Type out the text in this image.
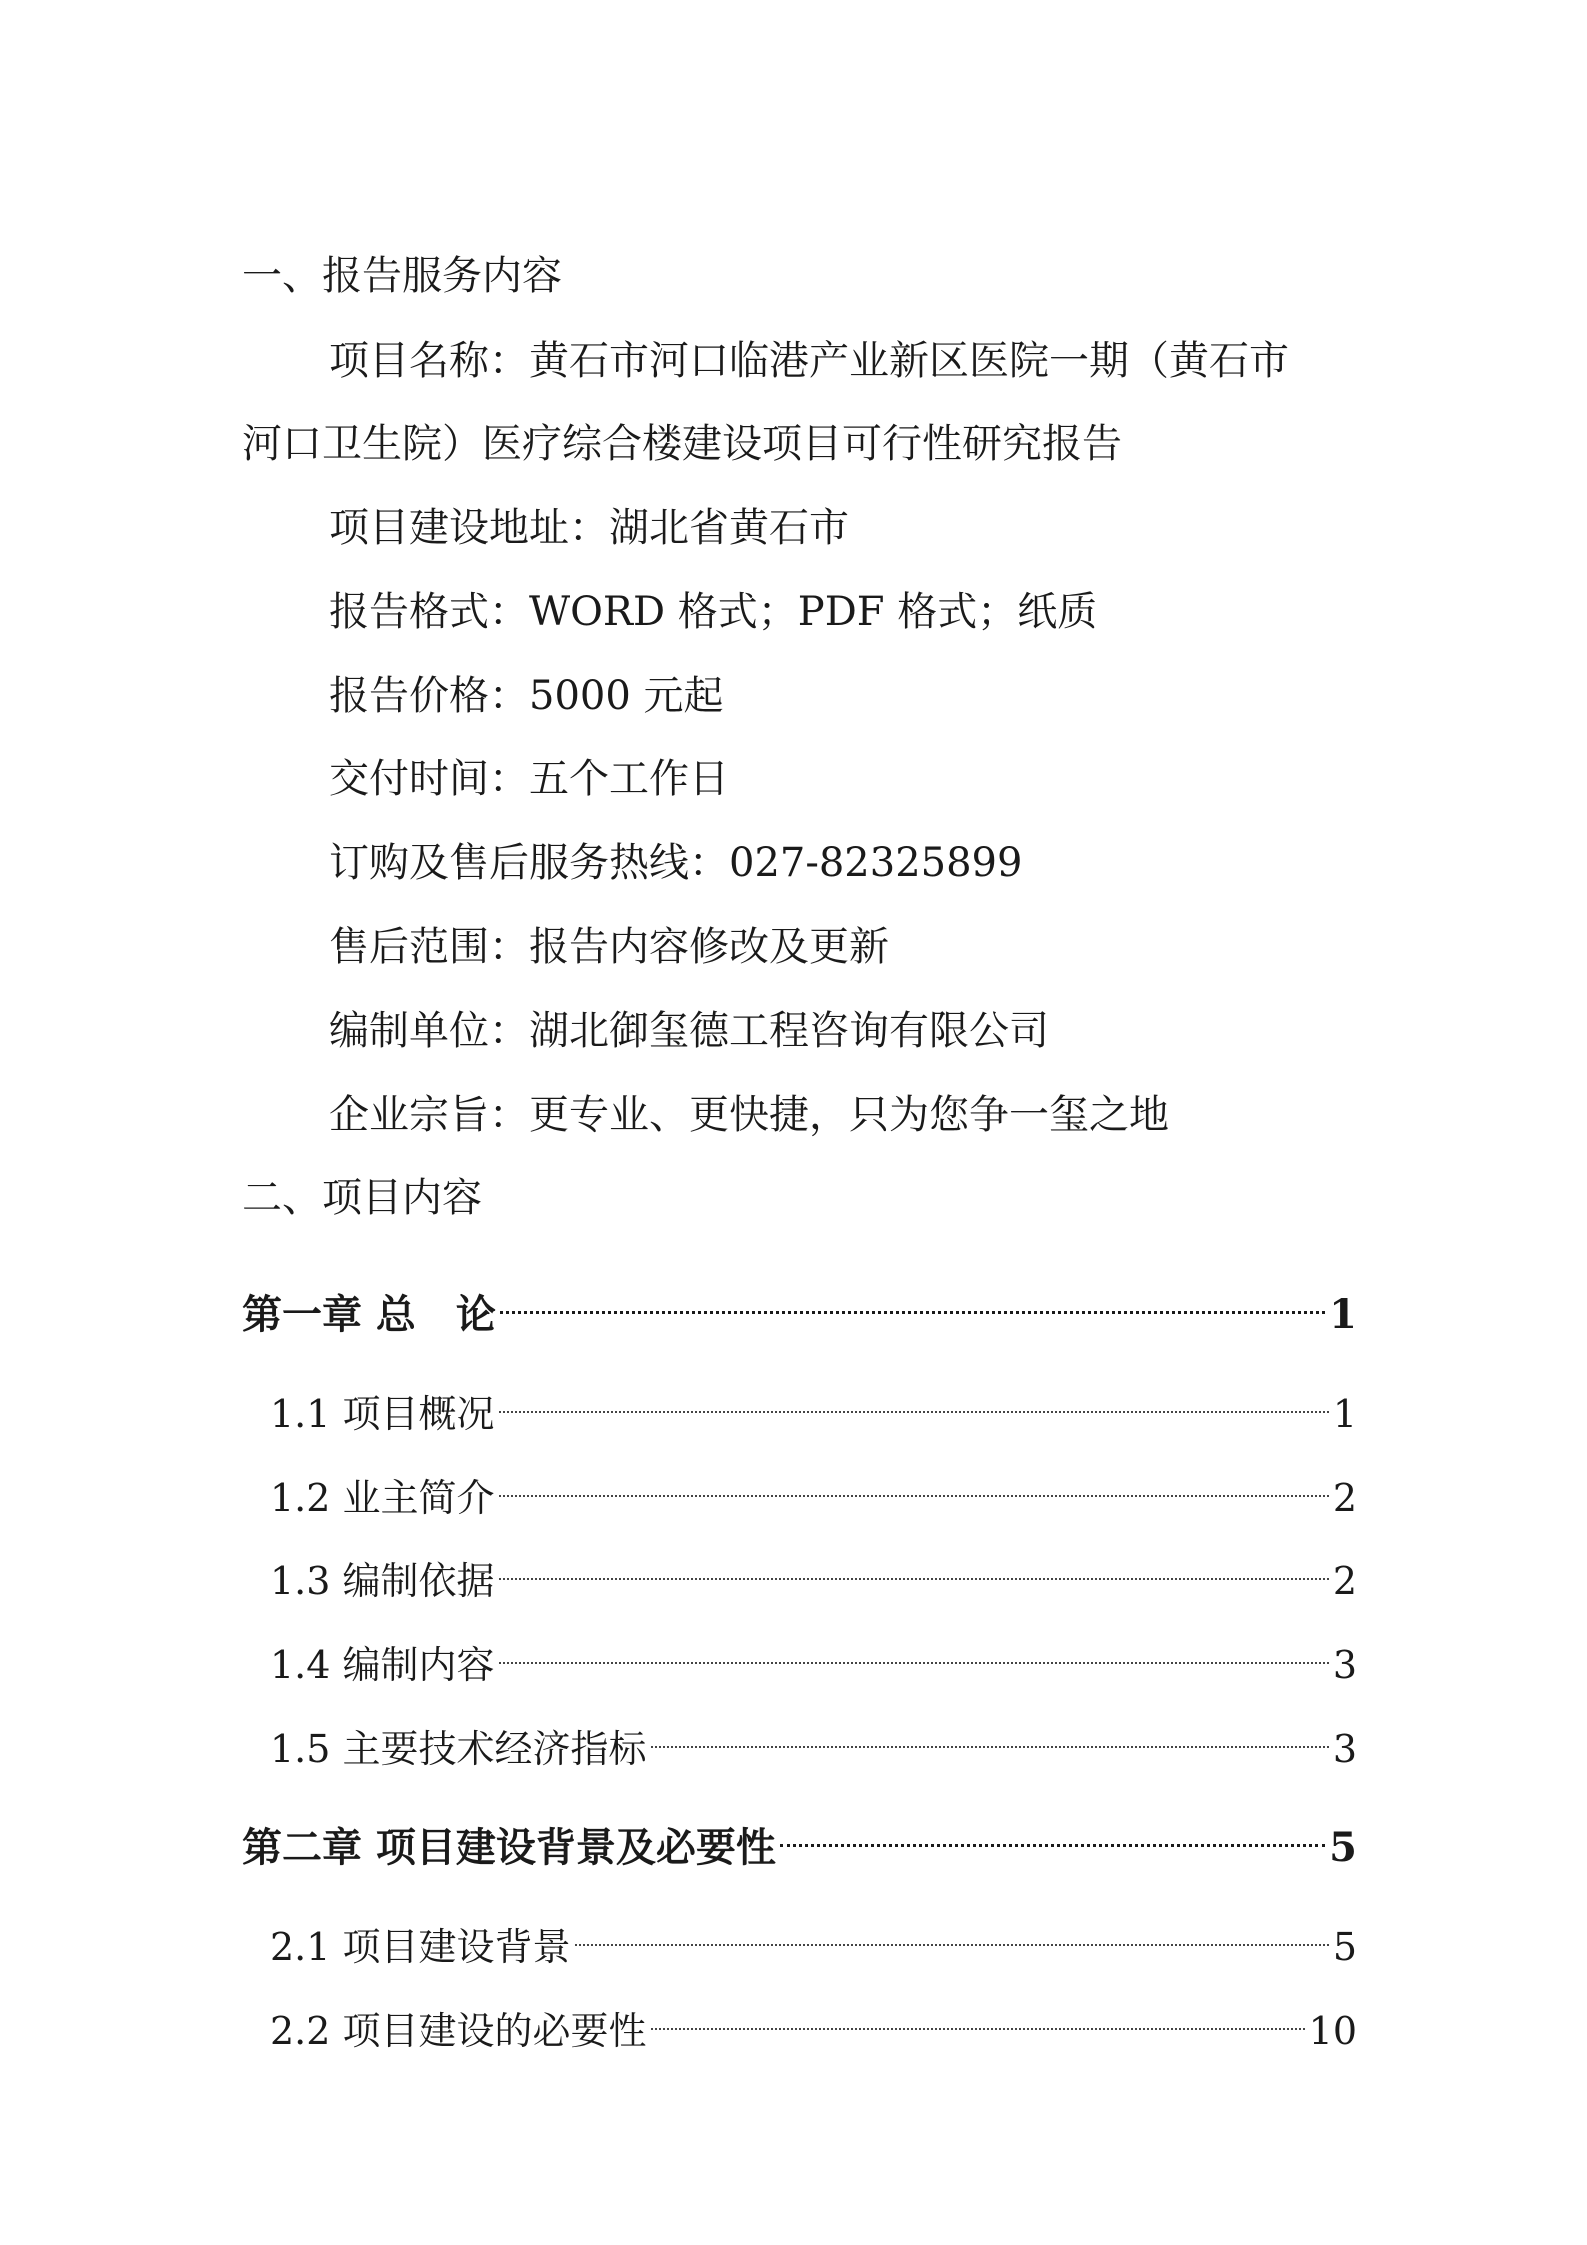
一、报告服务内容
项目名称：黄石市河口临港产业新区医院一期（黄石市
河口卫生院）医疗综合楼建设项目可行性研究报告
项目建设地址：湖北省黄石市
报告格式：WORD 格式；PDF 格式；纸质
报告价格：5000 元起
交付时间：五个工作日
订购及售后服务热线：027-82325899
售后范围：报告内容修改及更新
编制单位：湖北御玺德工程咨询有限公司
企业宗旨：更专业、更快捷，只为您争一玺之地
二、项目内容
第一章 总　论	1
1.1 项目概况	1
1.2 业主简介	2
1.3 编制依据	2
1.4 编制内容	3
1.5 主要技术经济指标	3
第二章 项目建设背景及必要性	5
2.1 项目建设背景	5
2.2 项目建设的必要性	10
